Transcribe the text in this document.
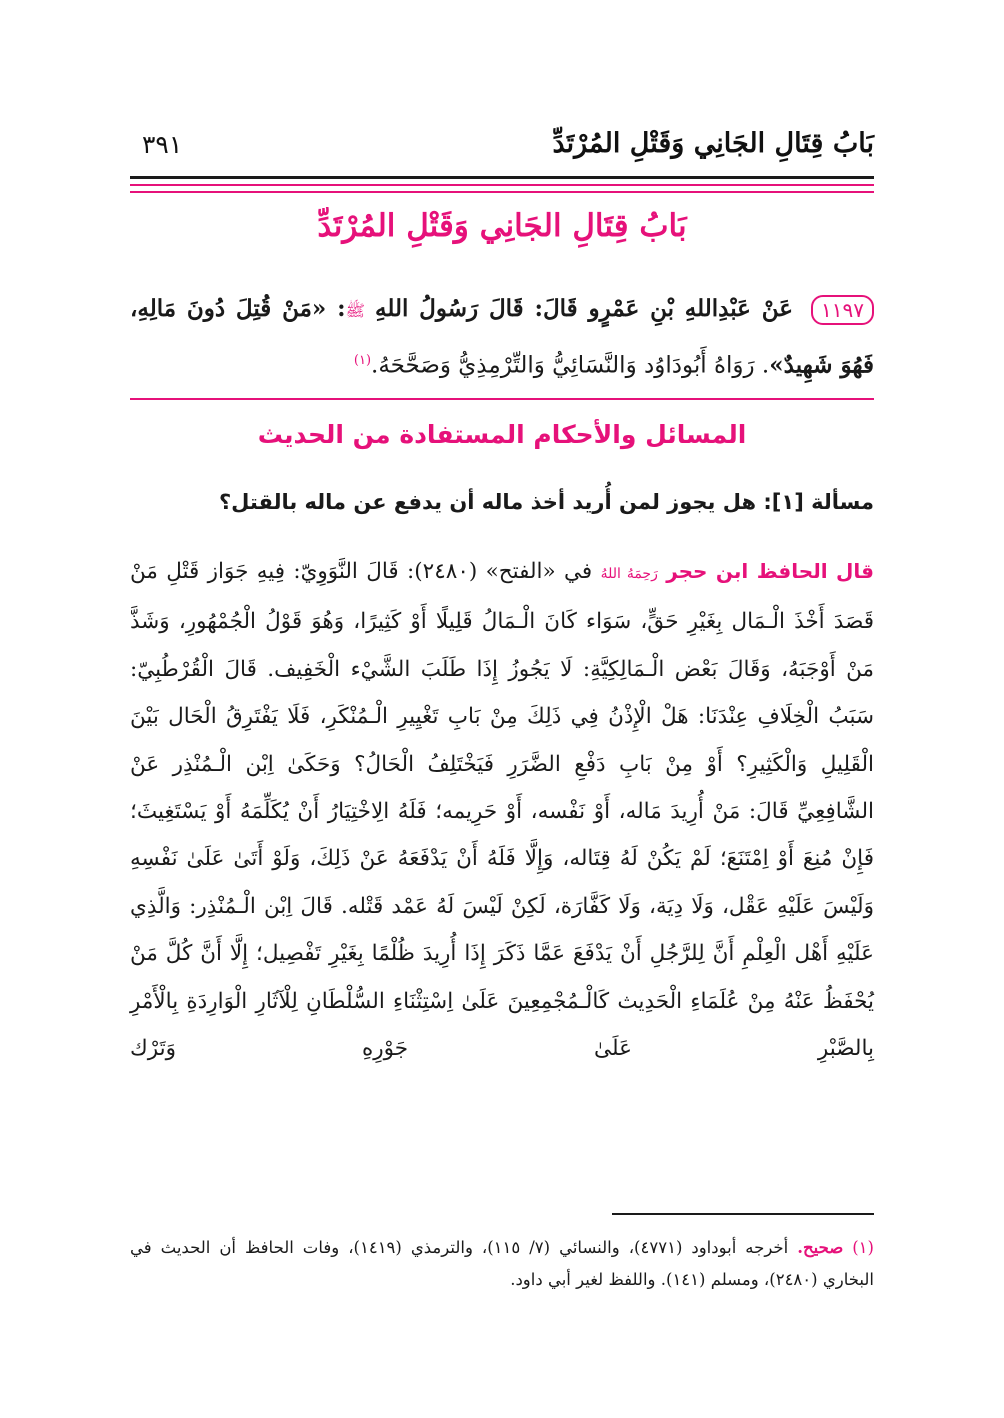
بَابُ قِتَالِ الجَانِي وَقَتْلِ المُرْتَدِّ
٣٩١
بَابُ قِتَالِ الجَانِي وَقَتْلِ المُرْتَدِّ
١١٩٧ عَنْ عَبْدِاللهِ بْنِ عَمْرٍو قَالَ: قَالَ رَسُولُ اللهِ ﷺ: «مَنْ قُتِلَ دُونَ مَالِهِ، فَهُوَ شَهِيدٌ». رَوَاهُ أَبُودَاوُد وَالنَّسَائِيُّ وَالتِّرْمِذِيُّ وَصَحَّحَهُ.$^{(١)}$
المسائل والأحكام المستفادة من الحديث
مسألة [١]: هل يجوز لمن أُريد أخذ ماله أن يدفع عن ماله بالقتل؟
قال الحافظ ابن حجر رَحِمَهُ اللهُ في «الفتح» (٢٤٨٠): قَالَ النَّوَوِيّ: فِيهِ جَوَاز قَتْلِ مَنْ قَصَدَ أَخْذَ الْـمَال بِغَيْرِ حَقٍّ، سَوَاء كَانَ الْـمَالُ قَلِيلًا أَوْ كَثِيرًا، وَهُوَ قَوْلُ الْجُمْهُورِ، وَشَذَّ مَنْ أَوْجَبَهُ، وَقَالَ بَعْض الْـمَالِكِيَّةِ: لَا يَجُوزُ إِذَا طَلَبَ الشَّيْء الْخَفِيف. قَالَ الْقُرْطُبِيّ: سَبَبُ الْخِلَافِ عِنْدَنَا: هَلْ الْإِذْنُ فِي ذَلِكَ مِنْ بَابِ تَغْيِيرِ الْـمُنْكَرِ، فَلَا يَفْتَرِقُ الْحَال بَيْنَ الْقَلِيلِ وَالْكَثِيرِ؟ أَوْ مِنْ بَابِ دَفْعِ الضَّرَرِ فَيَخْتَلِفُ الْحَالُ؟ وَحَكَىٰ اِبْن الْـمُنْذِر عَنْ الشَّافِعِيِّ قَالَ: مَنْ أُرِيدَ مَاله، أَوْ نَفْسه، أَوْ حَرِيمه؛ فَلَهُ الِاخْتِيَارُ أَنْ يُكَلِّمَهُ أَوْ يَسْتَغِيثَ؛ فَإِنْ مُنِعَ أَوْ اِمْتَنَعَ؛ لَمْ يَكُنْ لَهُ قِتَاله، وَإِلَّا فَلَهُ أَنْ يَدْفَعَهُ عَنْ ذَلِكَ، وَلَوْ أَتَىٰ عَلَىٰ نَفْسِهِ وَلَيْسَ عَلَيْهِ عَقْل، وَلَا دِيَة، وَلَا كَفَّارَة، لَكِنْ لَيْسَ لَهُ عَمْد قَتْله. قَالَ اِبْن الْـمُنْذِر: وَالَّذِي عَلَيْهِ أَهْل الْعِلْمِ أَنَّ لِلرَّجُلِ أَنْ يَدْفَعَ عَمَّا ذَكَرَ إِذَا أُرِيدَ ظُلْمًا بِغَيْرِ تَفْصِيل؛ إِلَّا أَنَّ كُلَّ مَنْ يُحْفَظُ عَنْهُ مِنْ عُلَمَاءِ الْحَدِيث كَالْـمُجْمِعِينَ عَلَىٰ اِسْتِثْنَاءِ السُّلْطَانِ لِلْآثَارِ الْوَارِدَةِ بِالْأَمْرِ بِالصَّبْرِ عَلَىٰ جَوْرِهِ وَتَرْك
(١) صحيح. أخرجه أبوداود (٤٧٧١)، والنسائي (٧/ ١١٥)، والترمذي (١٤١٩)، وفات الحافظ أن الحديث في البخاري (٢٤٨٠)، ومسلم (١٤١). واللفظ لغير أبي داود.
